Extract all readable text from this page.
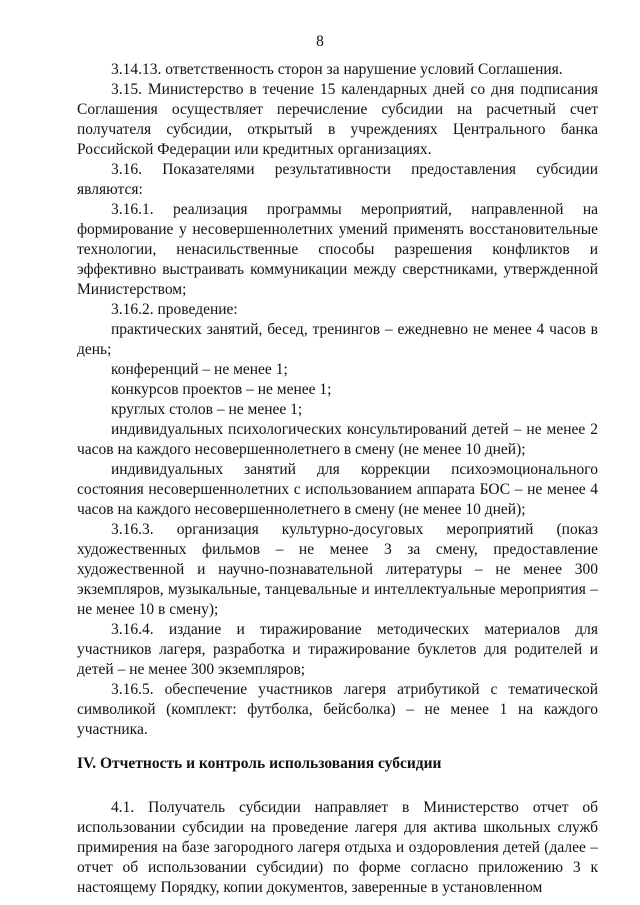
8

3.14.13. ответственность сторон за нарушение условий Соглашения.

3.15. Министерство в течение 15 календарных дней со дня подписания Соглашения осуществляет перечисление субсидии на расчетный счет получателя субсидии, открытый в учреждениях Центрального банка Российской Федерации или кредитных организациях.

3.16. Показателями результативности предоставления субсидии являются:

3.16.1. реализация программы мероприятий, направленной на формирование у несовершеннолетних умений применять восстановительные технологии, ненасильственные способы разрешения конфликтов и эффективно выстраивать коммуникации между сверстниками, утвержденной Министерством;

3.16.2. проведение:

практических занятий, бесед, тренингов – ежедневно не менее 4 часов в день;

конференций – не менее 1;

конкурсов проектов – не менее 1;

круглых столов – не менее 1;

индивидуальных психологических консультирований детей – не менее 2 часов на каждого несовершеннолетнего в смену (не менее 10 дней);

индивидуальных занятий для коррекции психоэмоционального состояния несовершеннолетних с использованием аппарата БОС – не менее 4 часов на каждого несовершеннолетнего в смену (не менее 10 дней);

3.16.3. организация культурно-досуговых мероприятий (показ художественных фильмов – не менее 3 за смену, предоставление художественной и научно-познавательной литературы – не менее 300 экземпляров, музыкальные, танцевальные и интеллектуальные мероприятия – не менее 10 в смену);

3.16.4. издание и тиражирование методических материалов для участников лагеря, разработка и тиражирование буклетов для родителей и детей – не менее 300 экземпляров;

3.16.5. обеспечение участников лагеря атрибутикой с тематической символикой (комплект: футболка, бейсболка) – не менее 1 на каждого участника.

IV. Отчетность и контроль использования субсидии

4.1. Получатель субсидии направляет в Министерство отчет об использовании субсидии на проведение лагеря для актива школьных служб примирения на базе загородного лагеря отдыха и оздоровления детей (далее – отчет об использовании субсидии) по форме согласно приложению 3 к настоящему Порядку, копии документов, заверенные в установленном
